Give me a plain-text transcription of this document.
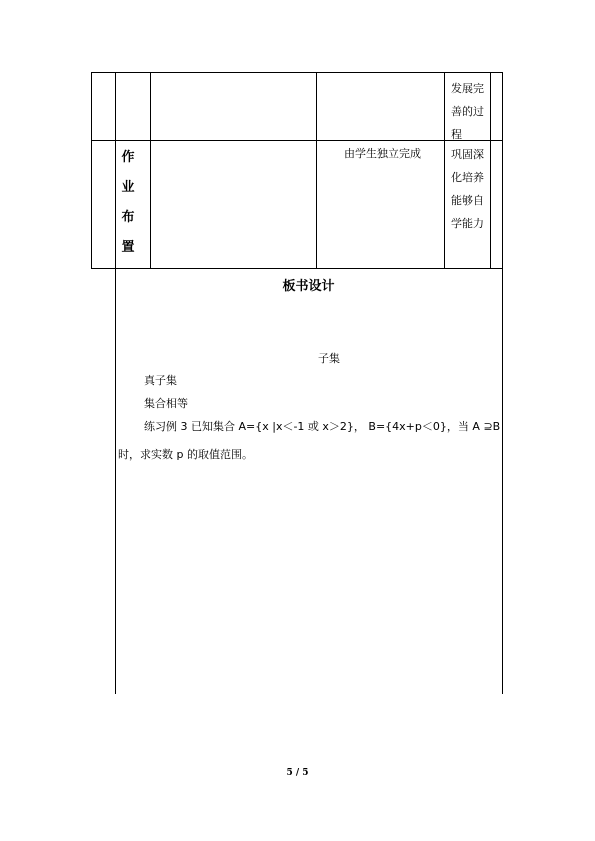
发展完
善的过
程
作
业
布
置
由学生独立完成	巩固深
化培养
能够自
学能力
板书设计
子集
真子集
集合相等
练习例 3 已知集合 A={x |x＜-1 或 x＞2}， B={4x+p＜0}，当 A ⊇B
时，求实数 p 的取值范围。
5 / 5
